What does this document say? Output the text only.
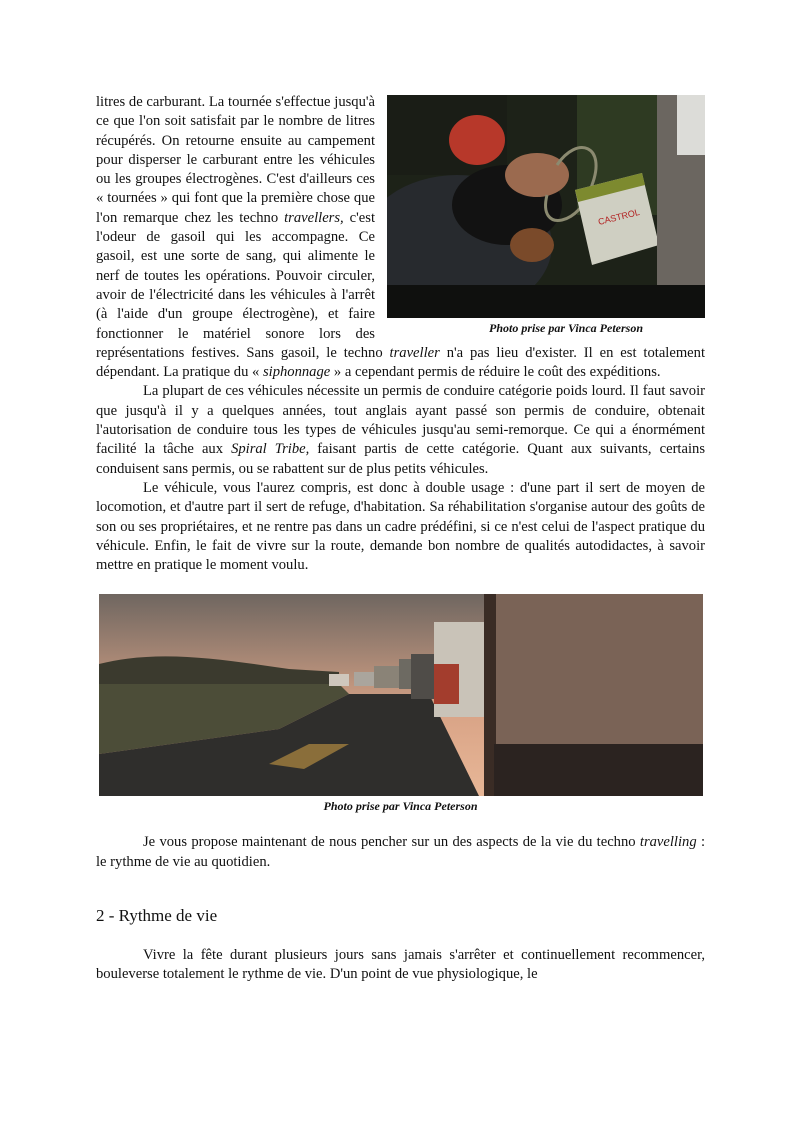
CASTROL
Photo prise par Vinca Peterson

litres de carburant. La tournée s'effectue jusqu'à ce que l'on soit satisfait par le nombre de litres récupérés. On retourne ensuite au campement pour disperser le carburant entre les véhicules ou les groupes électrogènes. C'est d'ailleurs ces « tournées » qui font que la première chose que l'on remarque chez les techno travellers, c'est l'odeur de gasoil qui les accompagne. Ce gasoil, est une sorte de sang, qui alimente le nerf de toutes les opérations. Pouvoir circuler, avoir de l'électricité dans les véhicules à l'arrêt (à l'aide d'un groupe électrogène), et faire fonctionner le matériel sonore lors des représentations festives. Sans gasoil, le techno traveller n'a pas lieu d'exister. Il en est totalement dépendant. La pratique du « siphonnage » a cependant permis de réduire le coût des expéditions.

La plupart de ces véhicules nécessite un permis de conduire catégorie poids lourd. Il faut savoir que jusqu'à il y a quelques années, tout anglais ayant passé son permis de conduire, obtenait l'autorisation de conduire tous les types de véhicules jusqu'au semi-remorque. Ce qui a énormément facilité la tâche aux Spiral Tribe, faisant partis de cette catégorie. Quant aux suivants, certains conduisent sans permis, ou se rabattent sur de plus petits véhicules.

Le véhicule, vous l'aurez compris, est donc à double usage : d'une part il sert de moyen de locomotion, et d'autre part il sert de refuge, d'habitation. Sa réhabilitation s'organise autour des goûts de son ou ses propriétaires, et ne rentre pas dans un cadre prédéfini, si ce n'est celui de l'aspect pratique du véhicule. Enfin, le fait de vivre sur la route, demande bon nombre de qualités autodidactes, à savoir mettre en pratique le moment voulu.

Photo prise par Vinca Peterson

Je vous propose maintenant de nous pencher sur un des aspects de la vie du techno travelling : le rythme de vie au quotidien.

2 - Rythme de vie

Vivre la fête durant plusieurs jours sans jamais s'arrêter et continuellement recommencer, bouleverse totalement le rythme de vie. D'un point de vue physiologique, le
